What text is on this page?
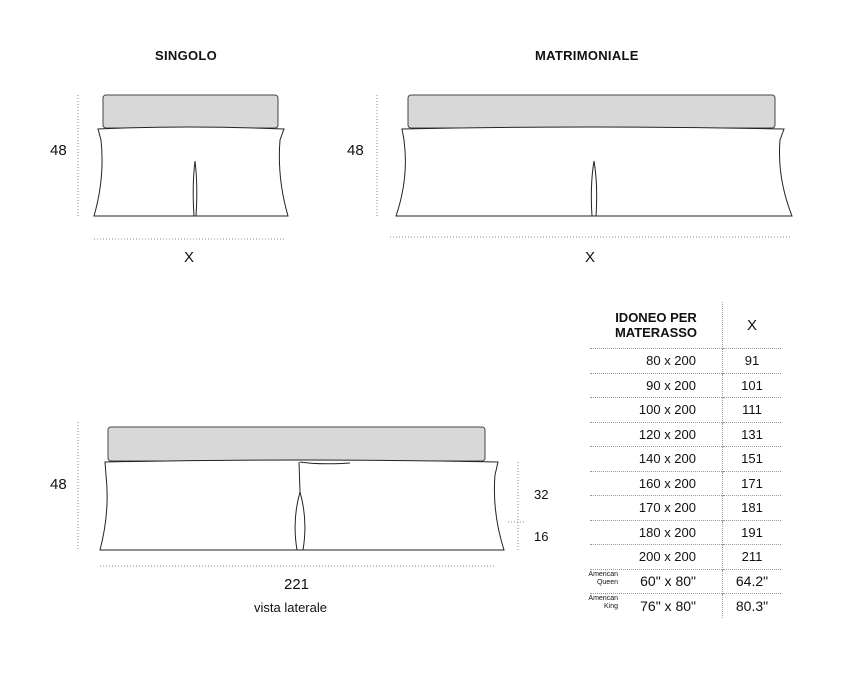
SINGOLO	MATRIMONIALE
48	48
48
X	X
221
vista laterale
32
16
IDONEO PER
MATERASSO	X
80 x 200	91
90 x 200	101
100 x 200	111
120 x 200	131
140 x 200	151
160 x 200	171
170 x 200	181
180 x 200	191
200 x 200	211

American
Queen 60" x 80"	64.2"

American
King 76" x 80"	80.3"
